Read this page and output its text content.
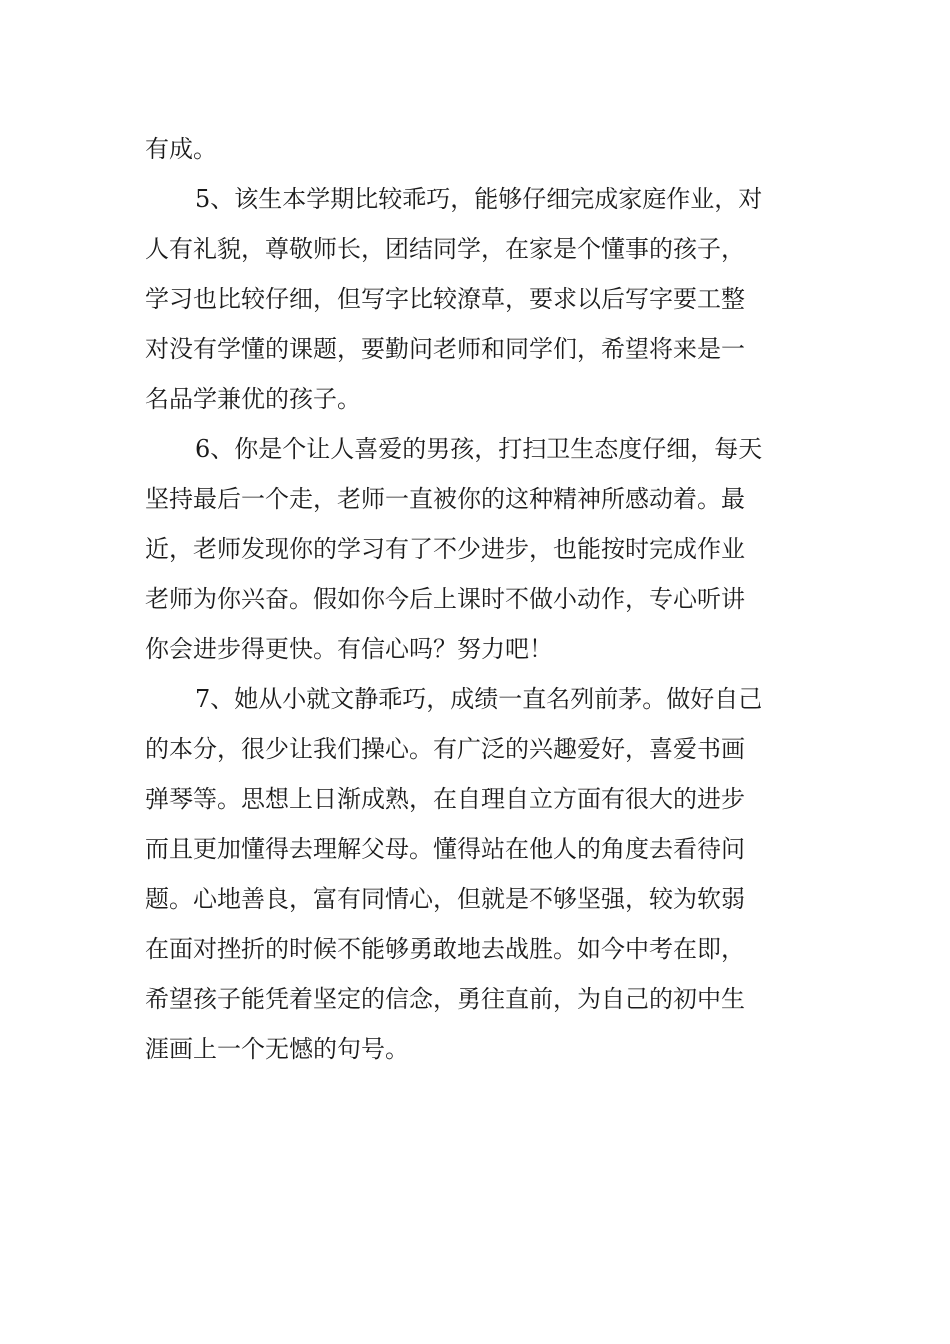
有成。
5、该生本学期比较乖巧，能够仔细完成家庭作业，对
人有礼貌，尊敬师长，团结同学，在家是个懂事的孩子，
学习也比较仔细，但写字比较潦草，要求以后写字要工整
对没有学懂的课题，要勤问老师和同学们，希望将来是一
名品学兼优的孩子。
6、你是个让人喜爱的男孩，打扫卫生态度仔细，每天
坚持最后一个走，老师一直被你的这种精神所感动着。最
近，老师发现你的学习有了不少进步，也能按时完成作业
老师为你兴奋。假如你今后上课时不做小动作，专心听讲
你会进步得更快。有信心吗？努力吧！
7、她从小就文静乖巧，成绩一直名列前茅。做好自己
的本分，很少让我们操心。有广泛的兴趣爱好，喜爱书画
弹琴等。思想上日渐成熟，在自理自立方面有很大的进步
而且更加懂得去理解父母。懂得站在他人的角度去看待问
题。心地善良，富有同情心，但就是不够坚强，较为软弱
在面对挫折的时候不能够勇敢地去战胜。如今中考在即，
希望孩子能凭着坚定的信念，勇往直前，为自己的初中生
涯画上一个无憾的句号。
